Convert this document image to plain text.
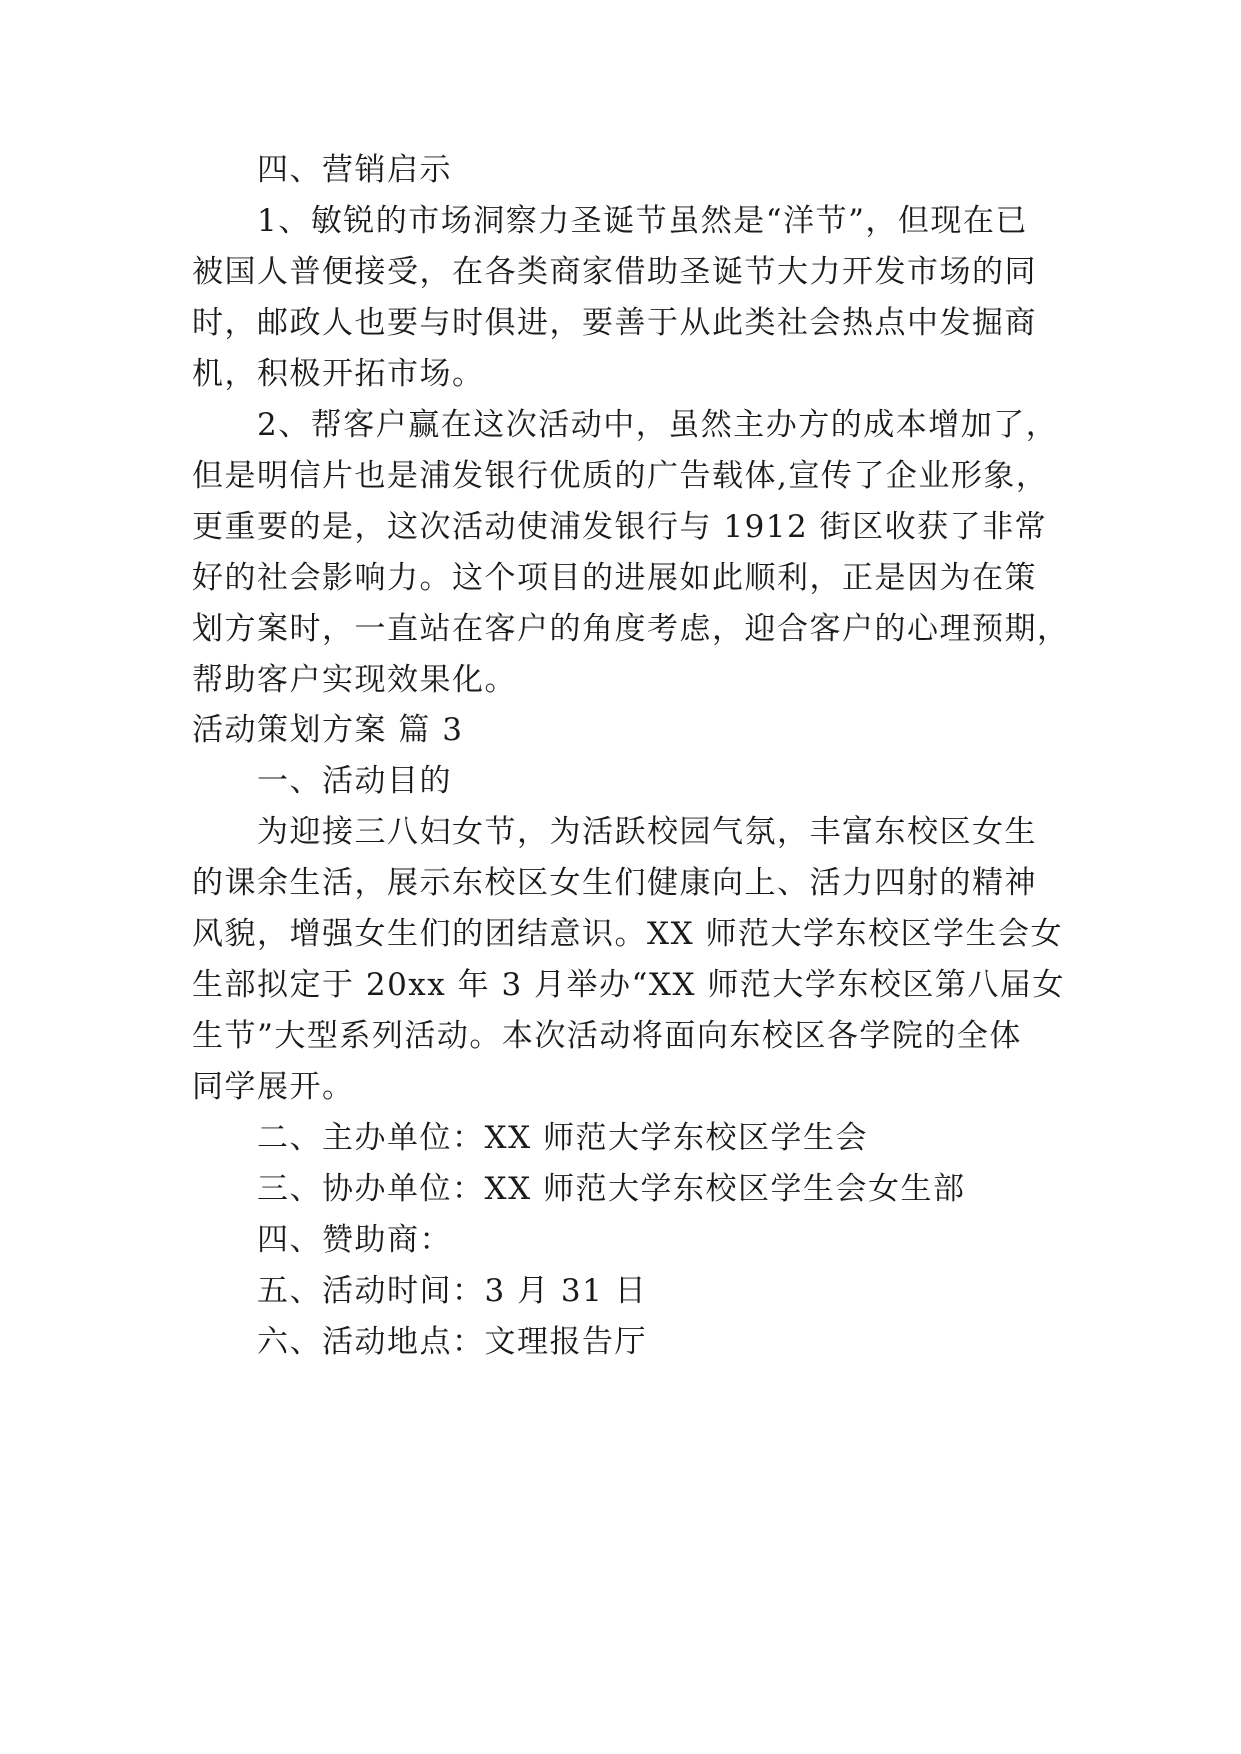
四、营销启示
1、敏锐的市场洞察力圣诞节虽然是“洋节”，但现在已
被国人普便接受，在各类商家借助圣诞节大力开发市场的同
时，邮政人也要与时俱进，要善于从此类社会热点中发掘商
机，积极开拓市场。
2、帮客户赢在这次活动中，虽然主办方的成本增加了，
但是明信片也是浦发银行优质的广告载体,宣传了企业形象，
更重要的是，这次活动使浦发银行与 1912 街区收获了非常
好的社会影响力。这个项目的进展如此顺利，正是因为在策
划方案时，一直站在客户的角度考虑，迎合客户的心理预期，
帮助客户实现效果化。
活动策划方案 篇 3
一、活动目的
为迎接三八妇女节，为活跃校园气氛，丰富东校区女生
的课余生活，展示东校区女生们健康向上、活力四射的精神
风貌，增强女生们的团结意识。XX 师范大学东校区学生会女
生部拟定于 20xx 年 3 月举办“XX 师范大学东校区第八届女
生节”大型系列活动。本次活动将面向东校区各学院的全体
同学展开。
二、主办单位：XX 师范大学东校区学生会
三、协办单位：XX 师范大学东校区学生会女生部
四、赞助商：
五、活动时间：3 月 31 日
六、活动地点：文理报告厅
